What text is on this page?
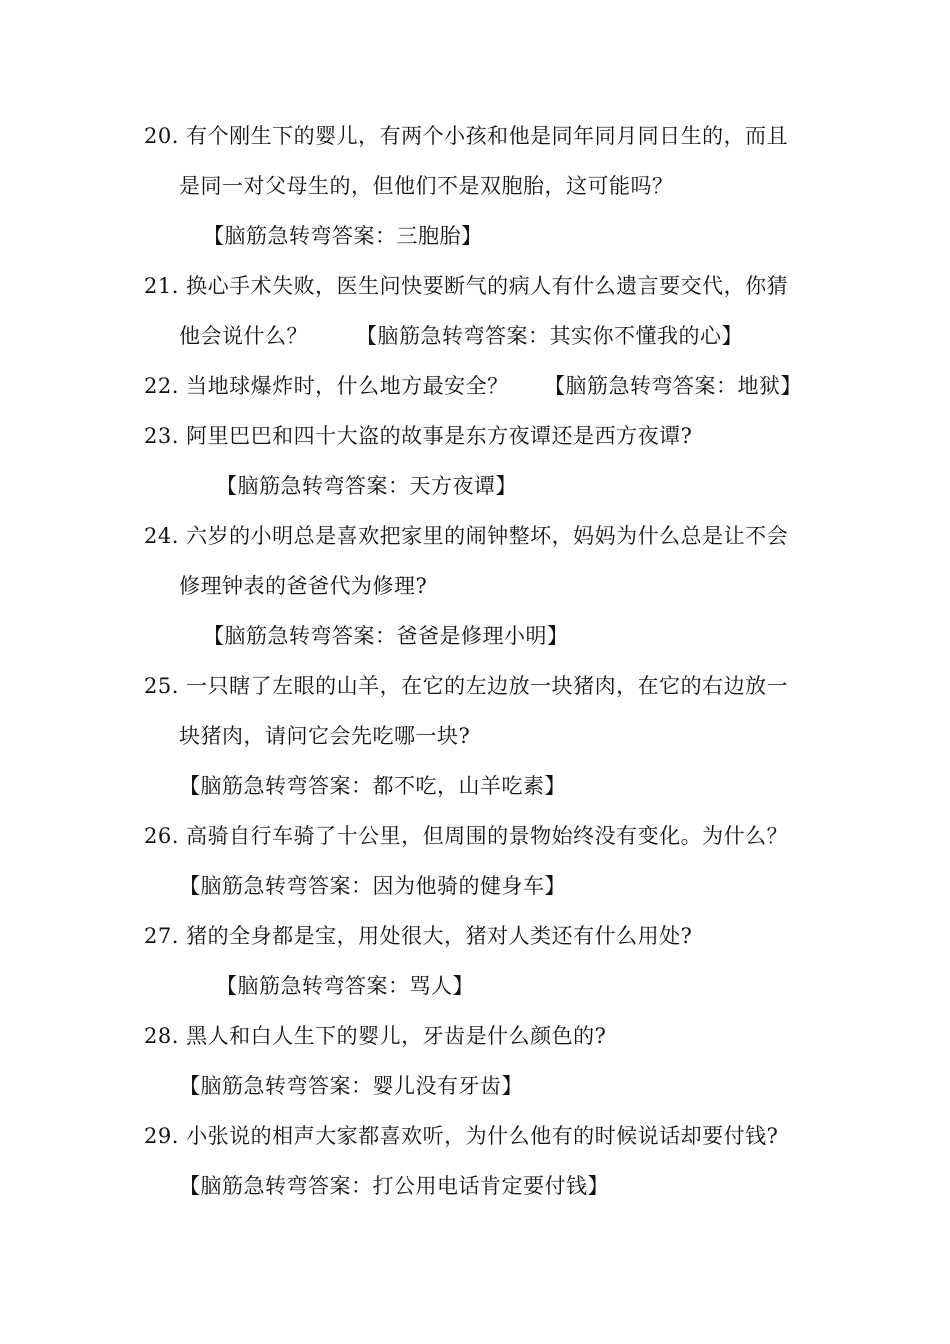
20. 有个刚生下的婴儿，有两个小孩和他是同年同月同日生的，而且
是同一对父母生的，但他们不是双胞胎，这可能吗？
【脑筋急转弯答案：三胞胎】
21. 换心手术失败，医生问快要断气的病人有什么遗言要交代，你猜
他会说什么？ 【脑筋急转弯答案：其实你不懂我的心】
22. 当地球爆炸时，什么地方最安全？ 【脑筋急转弯答案：地狱】
23. 阿里巴巴和四十大盗的故事是东方夜谭还是西方夜谭?
【脑筋急转弯答案：天方夜谭】
24. 六岁的小明总是喜欢把家里的闹钟整坏，妈妈为什么总是让不会
修理钟表的爸爸代为修理?
【脑筋急转弯答案：爸爸是修理小明】
25. 一只瞎了左眼的山羊，在它的左边放一块猪肉，在它的右边放一
块猪肉，请问它会先吃哪一块?
【脑筋急转弯答案：都不吃，山羊吃素】
26. 高骑自行车骑了十公里，但周围的景物始终没有变化。为什么？
【脑筋急转弯答案：因为他骑的健身车】
27. 猪的全身都是宝，用处很大，猪对人类还有什么用处?
【脑筋急转弯答案：骂人】
28. 黑人和白人生下的婴儿，牙齿是什么颜色的?
【脑筋急转弯答案：婴儿没有牙齿】
29. 小张说的相声大家都喜欢听，为什么他有的时候说话却要付钱?
【脑筋急转弯答案：打公用电话肯定要付钱】
